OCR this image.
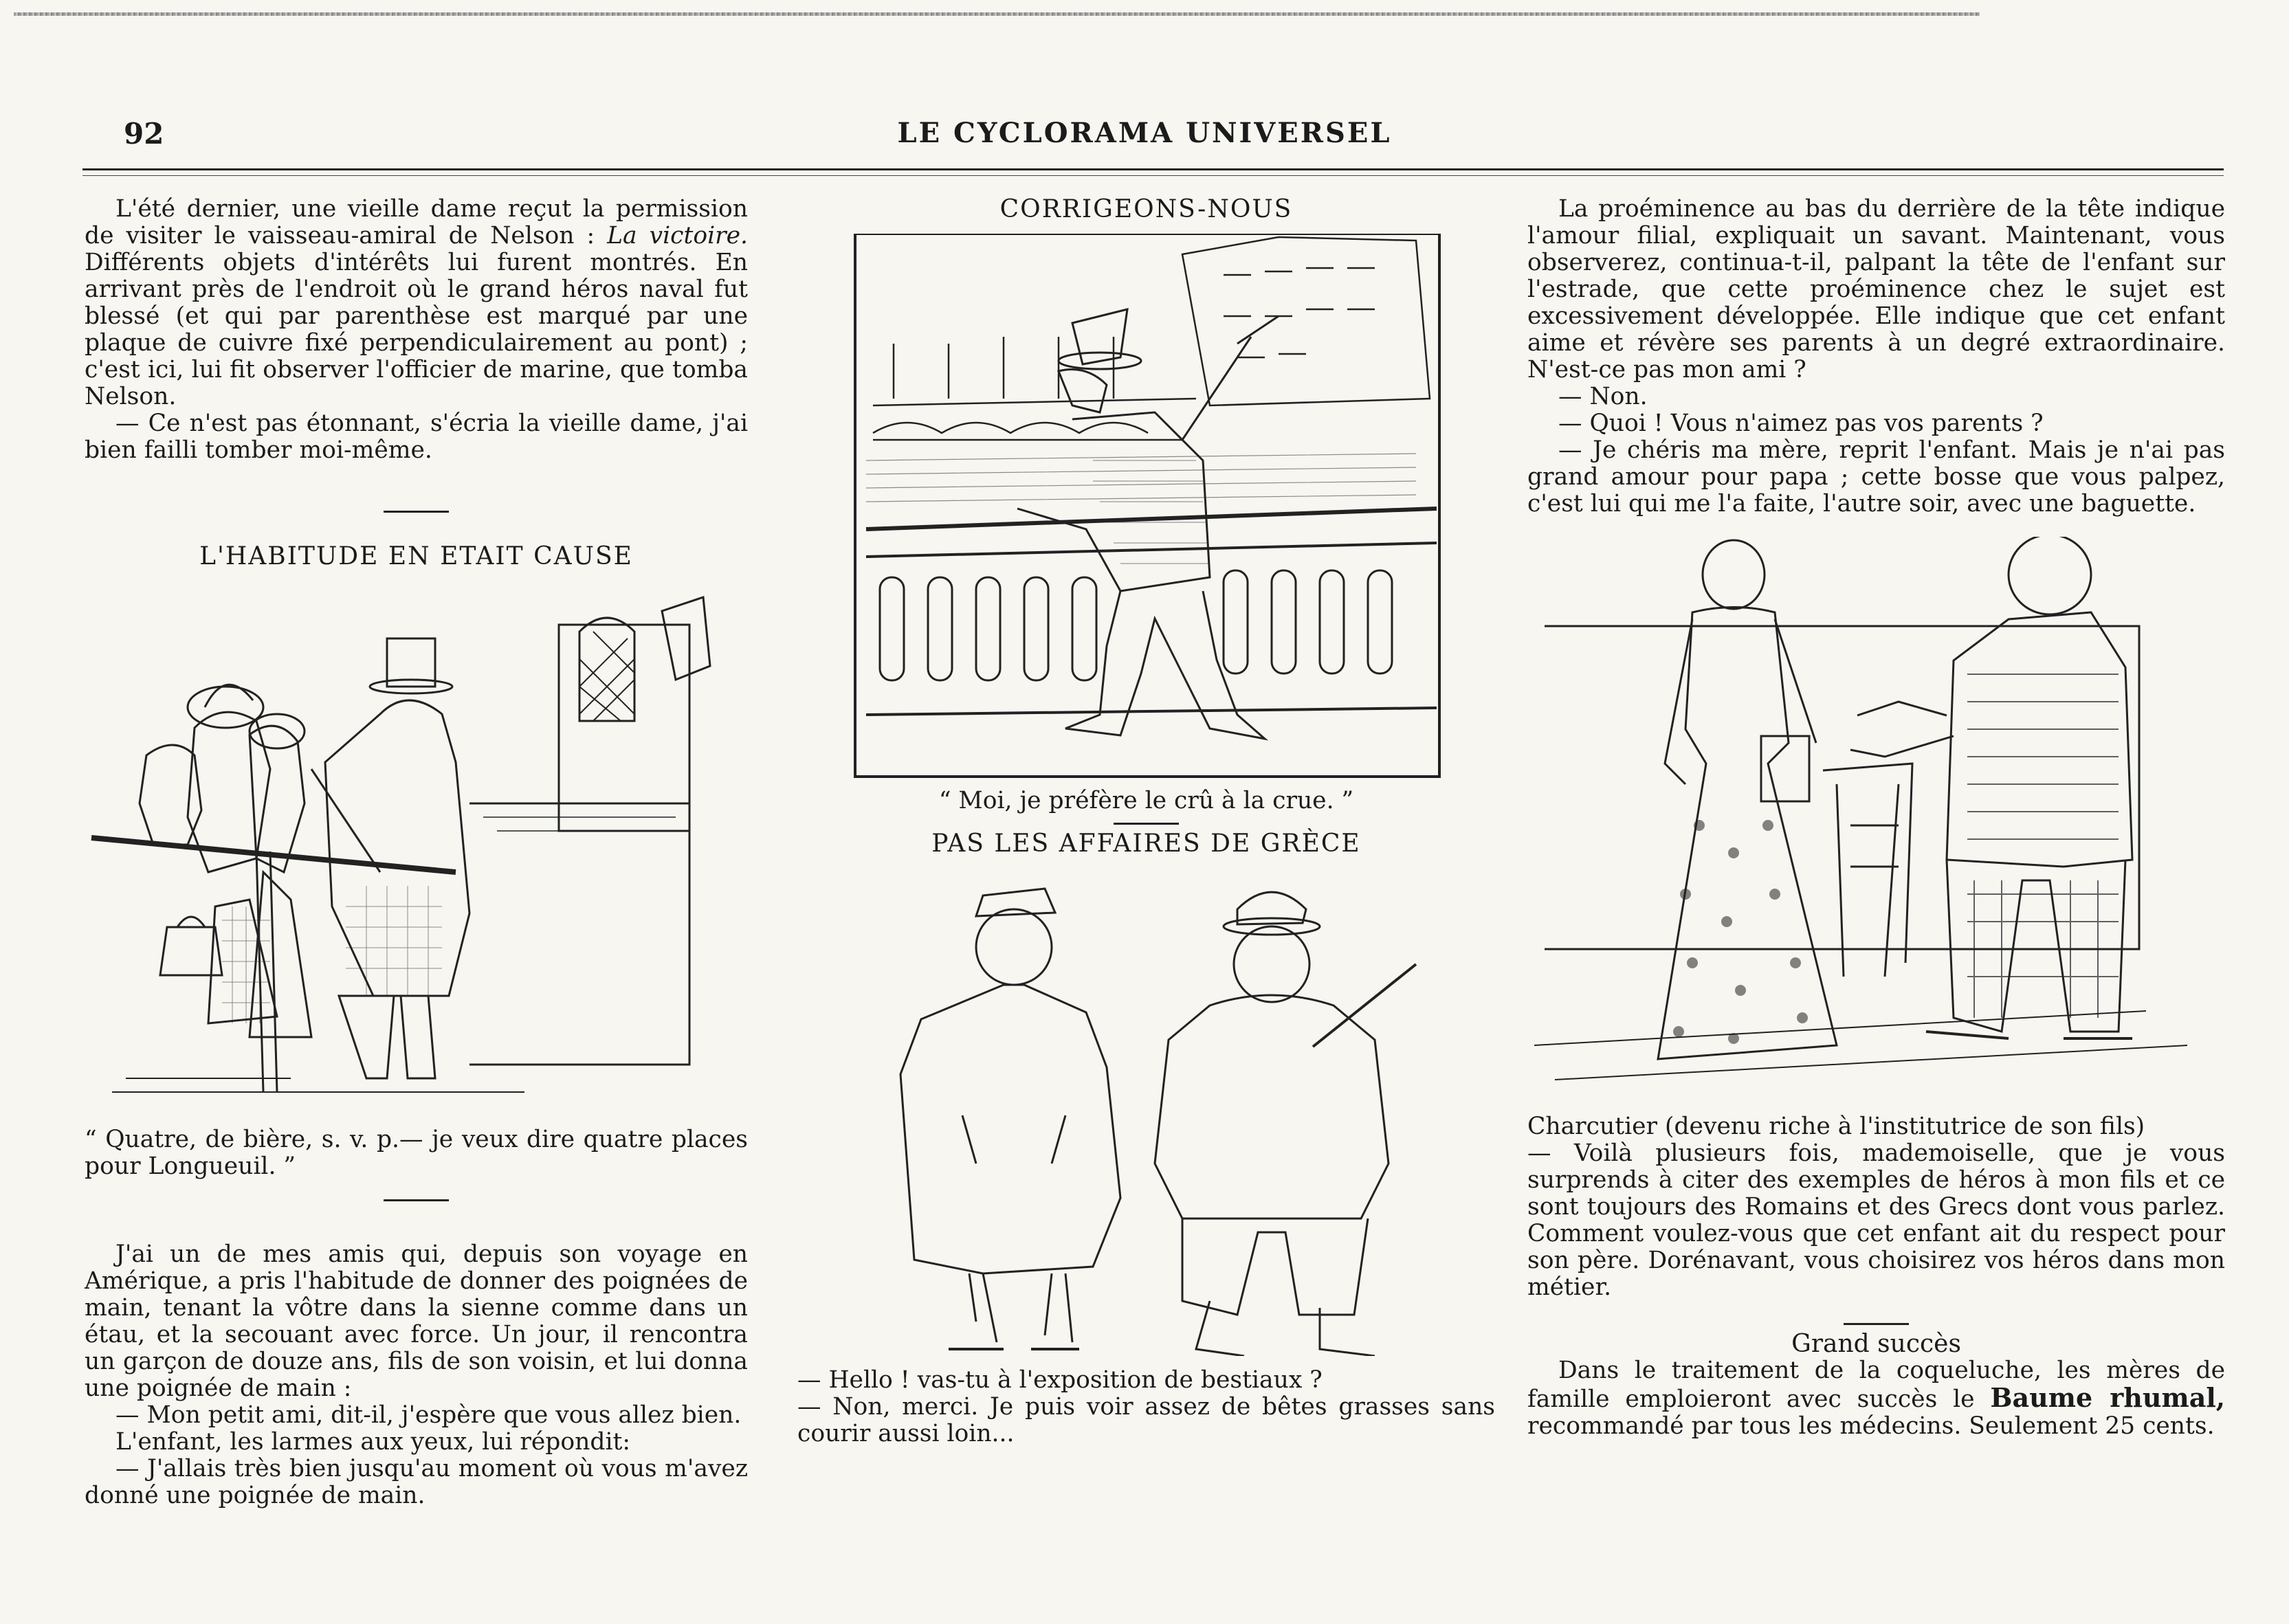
92	LE CYCLORAMA UNIVERSEL

L'été dernier, une vieille dame reçut la permission de visiter le vaisseau-amiral de Nelson : La victoire. Différents objets d'intérêts lui furent montrés. En arrivant près de l'endroit où le grand héros naval fut blessé (et qui par parenthèse est marqué par une plaque de cuivre fixé perpendiculairement au pont) ; c'est ici, lui fit observer l'officier de marine, que tomba Nelson.

— Ce n'est pas étonnant, s'écria la vieille dame, j'ai bien failli tomber moi-même.

L'HABITUDE EN ETAIT CAUSE

“ Quatre, de bière, s. v. p.— je veux dire quatre places pour Longueuil. ”

J'ai un de mes amis qui, depuis son voyage en Amérique, a pris l'habitude de donner des poignées de main, tenant la vôtre dans la sienne comme dans un étau, et la secouant avec force. Un jour, il rencontra un garçon de douze ans, fils de son voisin, et lui donna une poignée de main :

— Mon petit ami, dit-il, j'espère que vous allez bien.

L'enfant, les larmes aux yeux, lui répondit:

— J'allais très bien jusqu'au moment où vous m'avez donné une poignée de main.

CORRIGEONS-NOUS

“ Moi, je préfère le crû à la crue. ”

PAS LES AFFAIRES DE GRÈCE

— Hello ! vas-tu à l'exposition de bestiaux ?

— Non, merci. Je puis voir assez de bêtes grasses sans courir aussi loin...

La proéminence au bas du derrière de la tête indique l'amour filial, expliquait un savant. Maintenant, vous observerez, continua-t-il, palpant la tête de l'enfant sur l'estrade, que cette proéminence chez le sujet est excessivement développée. Elle indique que cet enfant aime et révère ses parents à un degré extraordinaire. N'est-ce pas mon ami ?

— Non.

— Quoi ! Vous n'aimez pas vos parents ?

— Je chéris ma mère, reprit l'enfant. Mais je n'ai pas grand amour pour papa ; cette bosse que vous palpez, c'est lui qui me l'a faite, l'autre soir, avec une baguette.

Charcutier (devenu riche à l'institutrice de son fils)

— Voilà plusieurs fois, mademoiselle, que je vous surprends à citer des exemples de héros à mon fils et ce sont toujours des Romains et des Grecs dont vous parlez. Comment voulez-vous que cet enfant ait du respect pour son père. Dorénavant, vous choisirez vos héros dans mon métier.

Grand succès

Dans le traitement de la coqueluche, les mères de famille emploieront avec succès le Baume rhumal, recommandé par tous les médecins. Seulement 25 cents.
